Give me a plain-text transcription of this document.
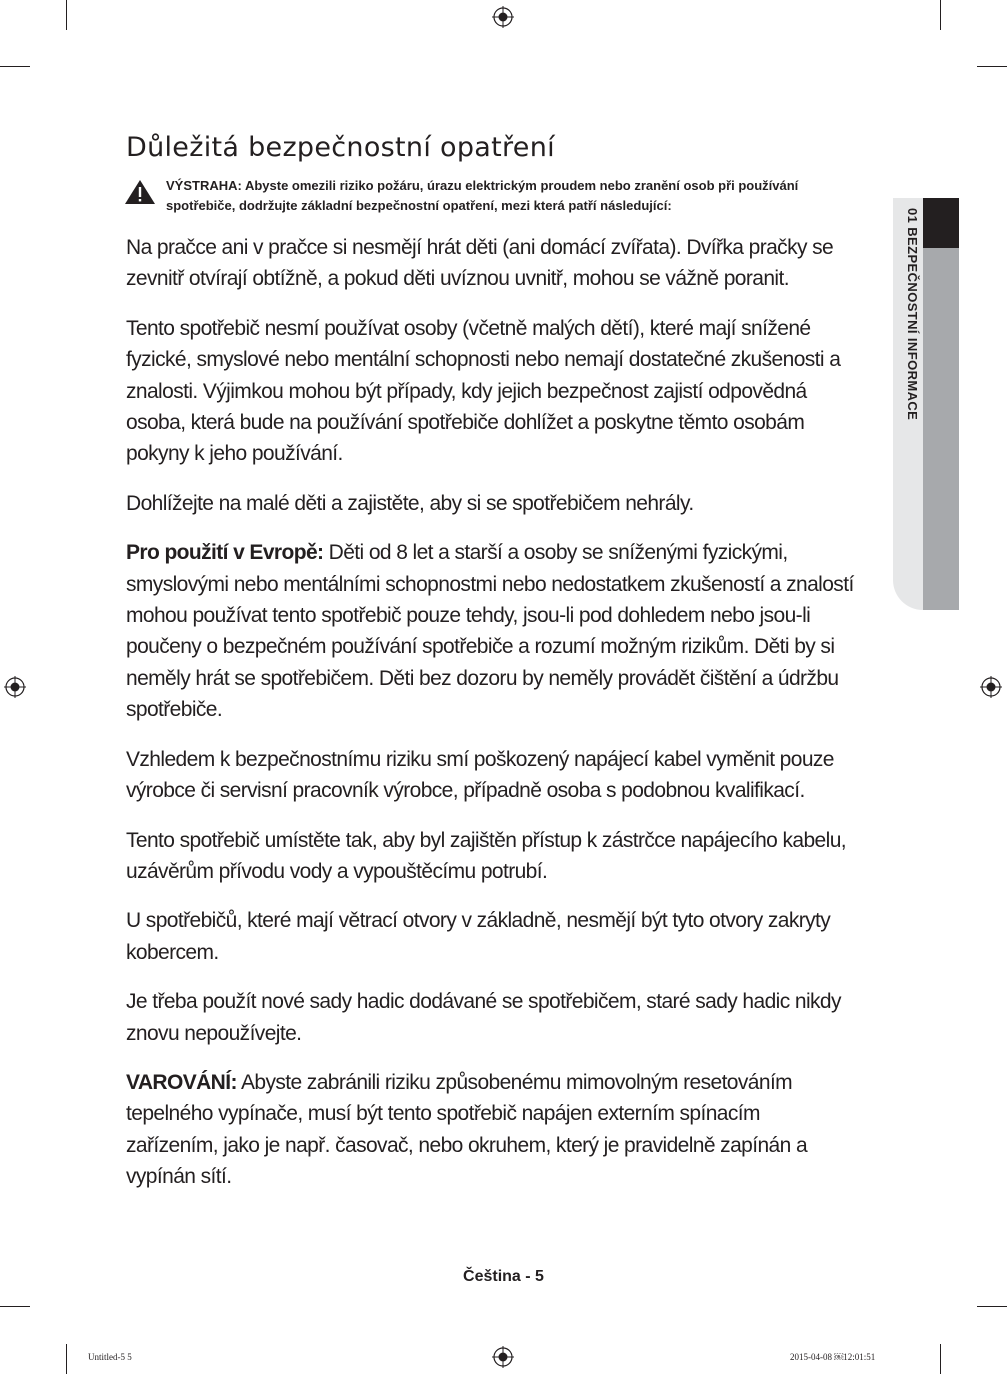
Důležitá bezpečnostní opatření
VÝSTRAHA: Abyste omezili riziko požáru, úrazu elektrickým proudem nebo zranění osob při používání spotřebiče, dodržujte základní bezpečnostní opatření, mezi která patří následující:

Na pračce ani v pračce si nesmějí hrát děti (ani domácí zvířata). Dvířka pračky se zevnitř otvírají obtížně, a pokud děti uvíznou uvnitř, mohou se vážně poranit.

Tento spotřebič nesmí používat osoby (včetně malých dětí), které mají snížené fyzické, smyslové nebo mentální schopnosti nebo nemají dostatečné zkušenosti a znalosti. Výjimkou mohou být případy, kdy jejich bezpečnost zajistí odpovědná osoba, která bude na používání spotřebiče dohlížet a poskytne těmto osobám pokyny k jeho používání.

Dohlížejte na malé děti a zajistěte, aby si se spotřebičem nehrály.

Pro použití v Evropě: Děti od 8 let a starší a osoby se sníženými fyzickými, smyslovými nebo mentálními schopnostmi nebo nedostatkem zkušeností a znalostí mohou používat tento spotřebič pouze tehdy, jsou-li pod dohledem nebo jsou-li poučeny o bezpečném používání spotřebiče a rozumí možným rizikům. Děti by si neměly hrát se spotřebičem. Děti bez dozoru by neměly provádět čištění a údržbu spotřebiče.

Vzhledem k bezpečnostnímu riziku smí poškozený napájecí kabel vyměnit pouze výrobce či servisní pracovník výrobce, případně osoba s podobnou kvalifikací.

Tento spotřebič umístěte tak, aby byl zajištěn přístup k zástrčce napájecího kabelu, uzávěrům přívodu vody a vypouštěcímu potrubí.

U spotřebičů, které mají větrací otvory v základně, nesmějí být tyto otvory zakryty kobercem.

Je třeba použít nové sady hadic dodávané se spotřebičem, staré sady hadic nikdy znovu nepoužívejte.

VAROVÁNÍ: Abyste zabránili riziku způsobenému mimovolným resetováním tepelného vypínače, musí být tento spotřebič napájen externím spínacím zařízením, jako je např. časovač, nebo okruhem, který je pravidelně zapínán a vypínán sítí.

01 BEZPEČNOSTNÍ INFORMACE
Čeština - 5
Untitled-5 5	2015-04-08 ￼12:01:51
